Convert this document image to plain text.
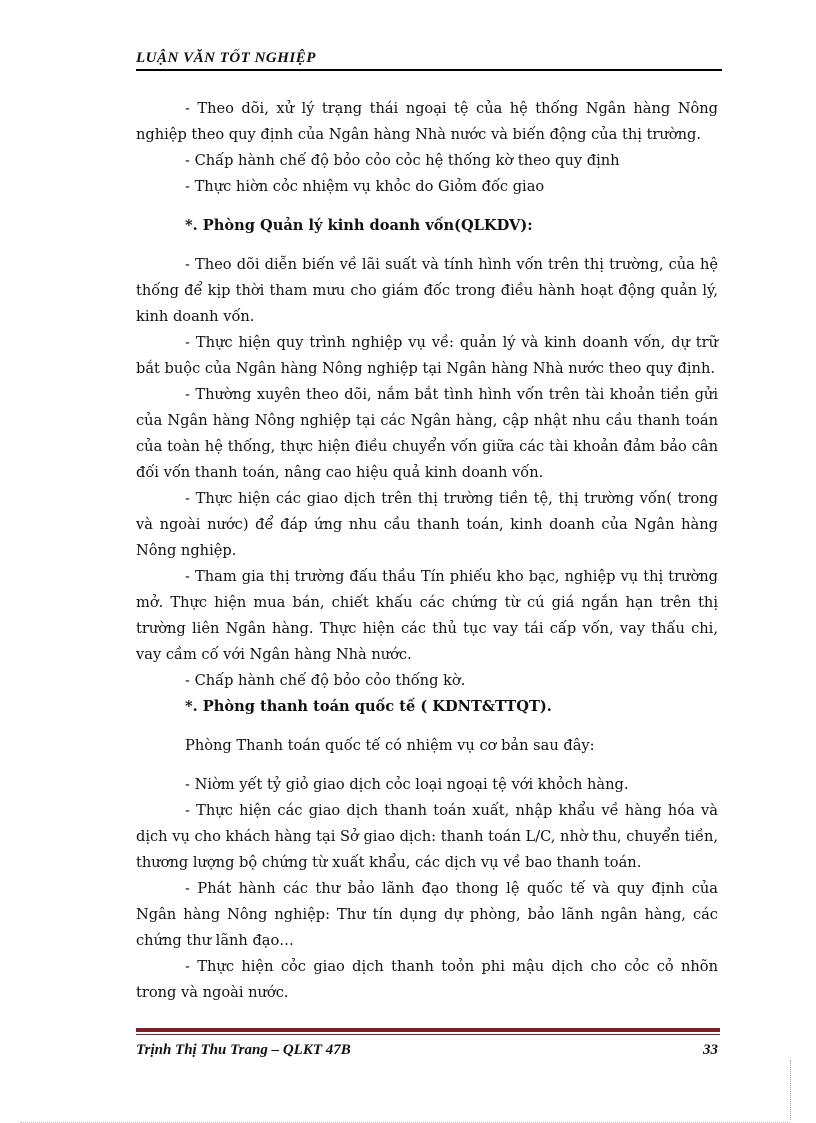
LUẬN VĂN TỐT NGHIỆP

- Theo dõi, xử lý trạng thái ngoại tệ của hệ thống Ngân hàng Nông nghiệp theo quy định của Ngân hàng Nhà nước và biến động của thị trường.

- Chấp hành chế độ bỏo cỏo cỏc hệ thống kờ theo quy định

- Thực hiờn cỏc nhiệm vụ khỏc do Giỏm đốc giao

*. Phòng Quản lý kinh doanh vốn(QLKDV):

- Theo dõi diễn biến về lãi suất và tính hình vốn trên thị trường, của hệ thống để kịp thời tham mưu cho giám đốc trong điều hành hoạt động quản lý, kinh doanh vốn.

- Thực hiện quy trình nghiệp vụ về: quản lý và kinh doanh vốn, dự trữ bắt buộc của Ngân hàng Nông nghiệp tại Ngân hàng Nhà nước theo quy định.

- Thường xuyên theo dõi, nắm bắt tình hình vốn trên tài khoản tiền gửi của Ngân hàng Nông nghiệp tại các Ngân hàng, cập nhật nhu cầu thanh toán của toàn hệ thống, thực hiện điều chuyển vốn giữa các tài khoản đảm bảo cân đối vốn thanh toán, nâng cao hiệu quả kinh doanh vốn.

- Thực hiện các giao dịch trên thị trường tiền tệ, thị trường vốn( trong và ngoài nước) để đáp ứng nhu cầu thanh toán, kinh doanh của Ngân hàng Nông nghiệp.

- Tham gia thị trường đấu thầu Tín phiếu kho bạc, nghiệp vụ thị trường mở. Thực hiện mua bán, chiết khấu các chứng từ cú giá ngắn hạn trên thị trường liên Ngân hàng. Thực hiện các thủ tục vay tái cấp vốn, vay thấu chi, vay cầm cố với Ngân hàng Nhà nước.

- Chấp hành chế độ bỏo cỏo thống kờ.

*. Phòng thanh toán quốc tế ( KDNT&TTQT).

Phòng Thanh toán quốc tế có nhiệm vụ cơ bản sau đây:

- Niờm yết tỷ giỏ giao dịch cỏc loại ngoại tệ với khỏch hàng.

- Thực hiện các giao dịch thanh toán xuất, nhập khẩu về hàng hóa và dịch vụ cho khách hàng tại Sở giao dịch: thanh toán L/C, nhờ thu, chuyển tiền, thương lượng bộ chứng từ xuất khẩu, các dịch vụ về bao thanh toán.

- Phát hành các thư bảo lãnh đạo thong lệ quốc tế và quy định của Ngân hàng Nông nghiệp: Thư tín dụng dự phòng, bảo lãnh ngân hàng, các chứng thư lãnh đạo…

- Thực hiện cỏc giao dịch thanh toỏn phi mậu dịch cho cỏc cỏ nhõn trong và ngoài nước.

Trịnh Thị Thu Trang – QLKT 47B	33
